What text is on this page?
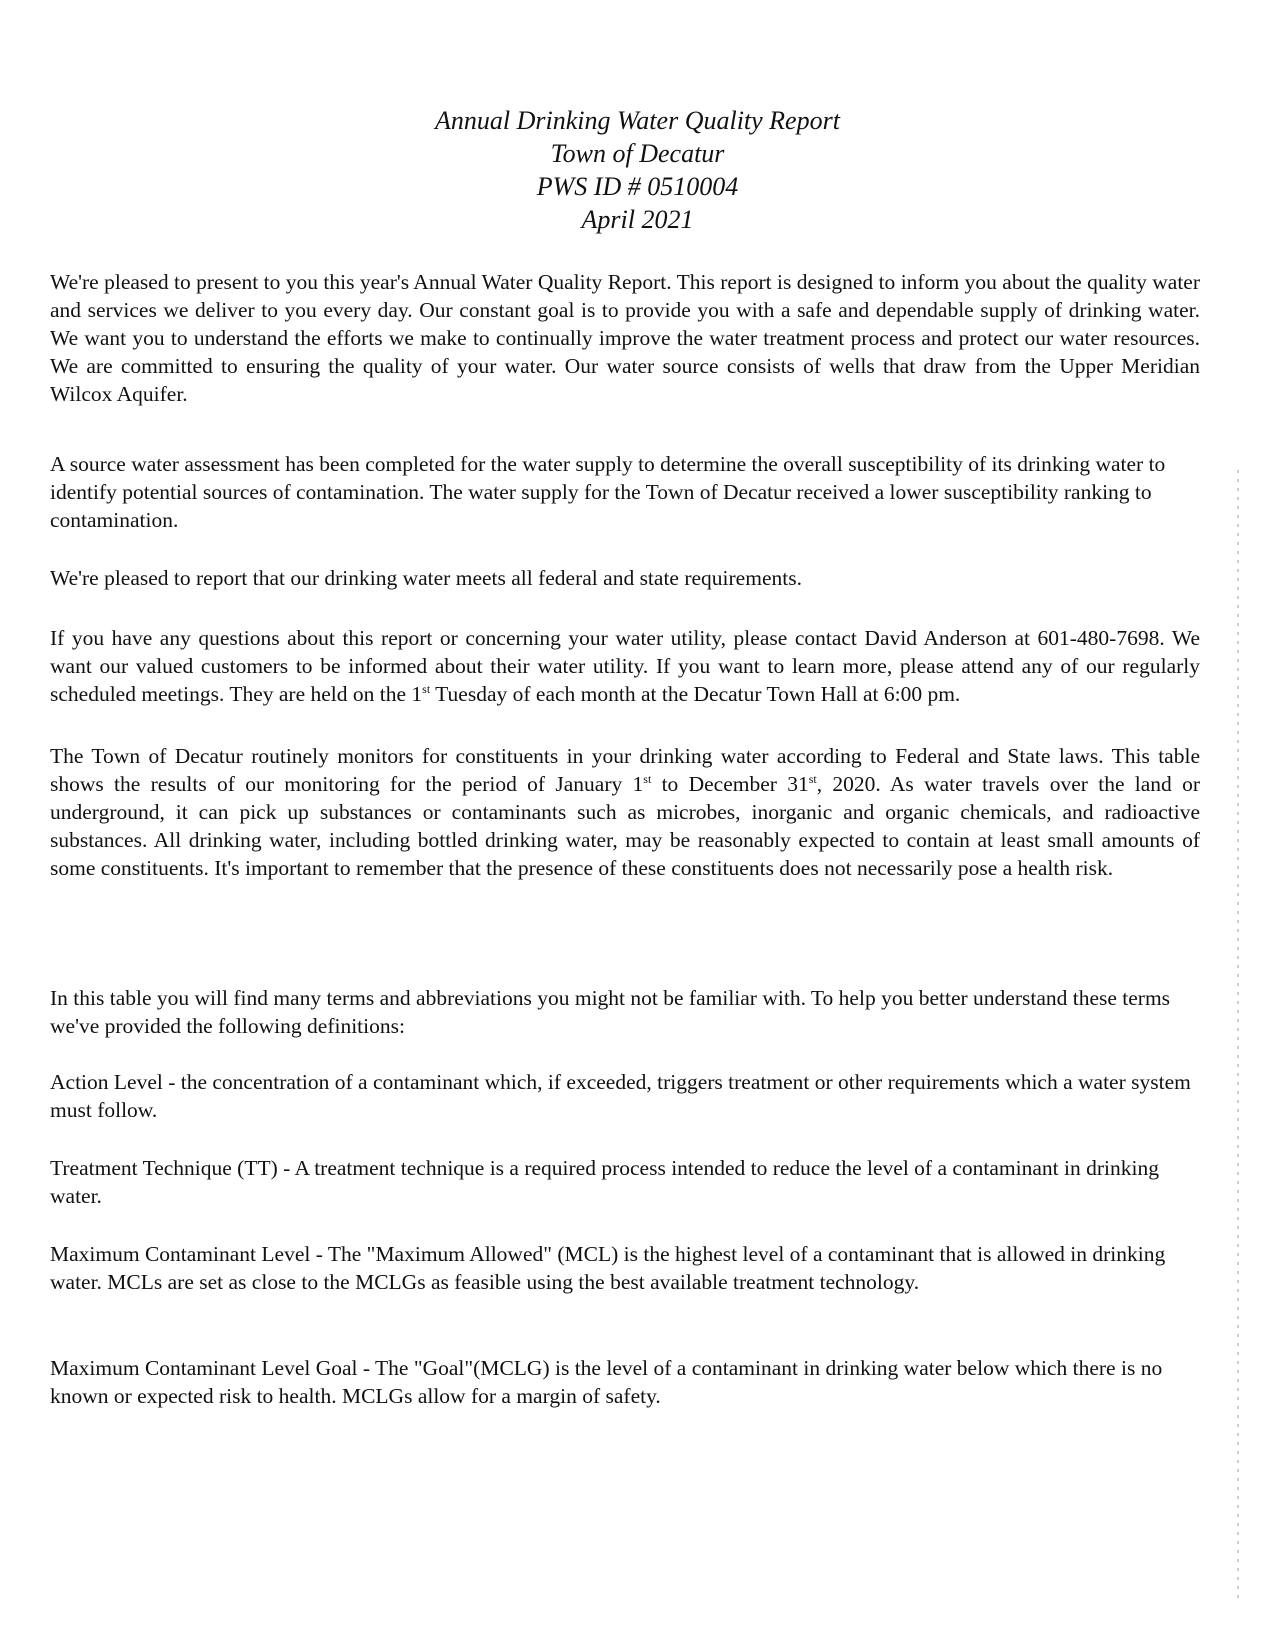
Annual Drinking Water Quality Report
Town of Decatur
PWS ID # 0510004
April 2021

We're pleased to present to you this year's Annual Water Quality Report. This report is designed to inform you about the quality water and services we deliver to you every day. Our constant goal is to provide you with a safe and dependable supply of drinking water. We want you to understand the efforts we make to continually improve the water treatment process and protect our water resources. We are committed to ensuring the quality of your water. Our water source consists of wells that draw from the Upper Meridian Wilcox Aquifer.

A source water assessment has been completed for the water supply to determine the overall susceptibility of its drinking water to identify potential sources of contamination. The water supply for the Town of Decatur received a lower susceptibility ranking to contamination.

We're pleased to report that our drinking water meets all federal and state requirements.

If you have any questions about this report or concerning your water utility, please contact David Anderson at 601-480-7698. We want our valued customers to be informed about their water utility. If you want to learn more, please attend any of our regularly scheduled meetings. They are held on the 1st Tuesday of each month at the Decatur Town Hall at 6:00 pm.

The Town of Decatur routinely monitors for constituents in your drinking water according to Federal and State laws. This table shows the results of our monitoring for the period of January 1st to December 31st, 2020. As water travels over the land or underground, it can pick up substances or contaminants such as microbes, inorganic and organic chemicals, and radioactive substances. All drinking water, including bottled drinking water, may be reasonably expected to contain at least small amounts of some constituents. It's important to remember that the presence of these constituents does not necessarily pose a health risk.

In this table you will find many terms and abbreviations you might not be familiar with. To help you better understand these terms we've provided the following definitions:

Action Level - the concentration of a contaminant which, if exceeded, triggers treatment or other requirements which a water system must follow.

Treatment Technique (TT) - A treatment technique is a required process intended to reduce the level of a contaminant in drinking water.

Maximum Contaminant Level - The "Maximum Allowed" (MCL) is the highest level of a contaminant that is allowed in drinking water. MCLs are set as close to the MCLGs as feasible using the best available treatment technology.

Maximum Contaminant Level Goal - The "Goal"(MCLG) is the level of a contaminant in drinking water below which there is no known or expected risk to health. MCLGs allow for a margin of safety.
